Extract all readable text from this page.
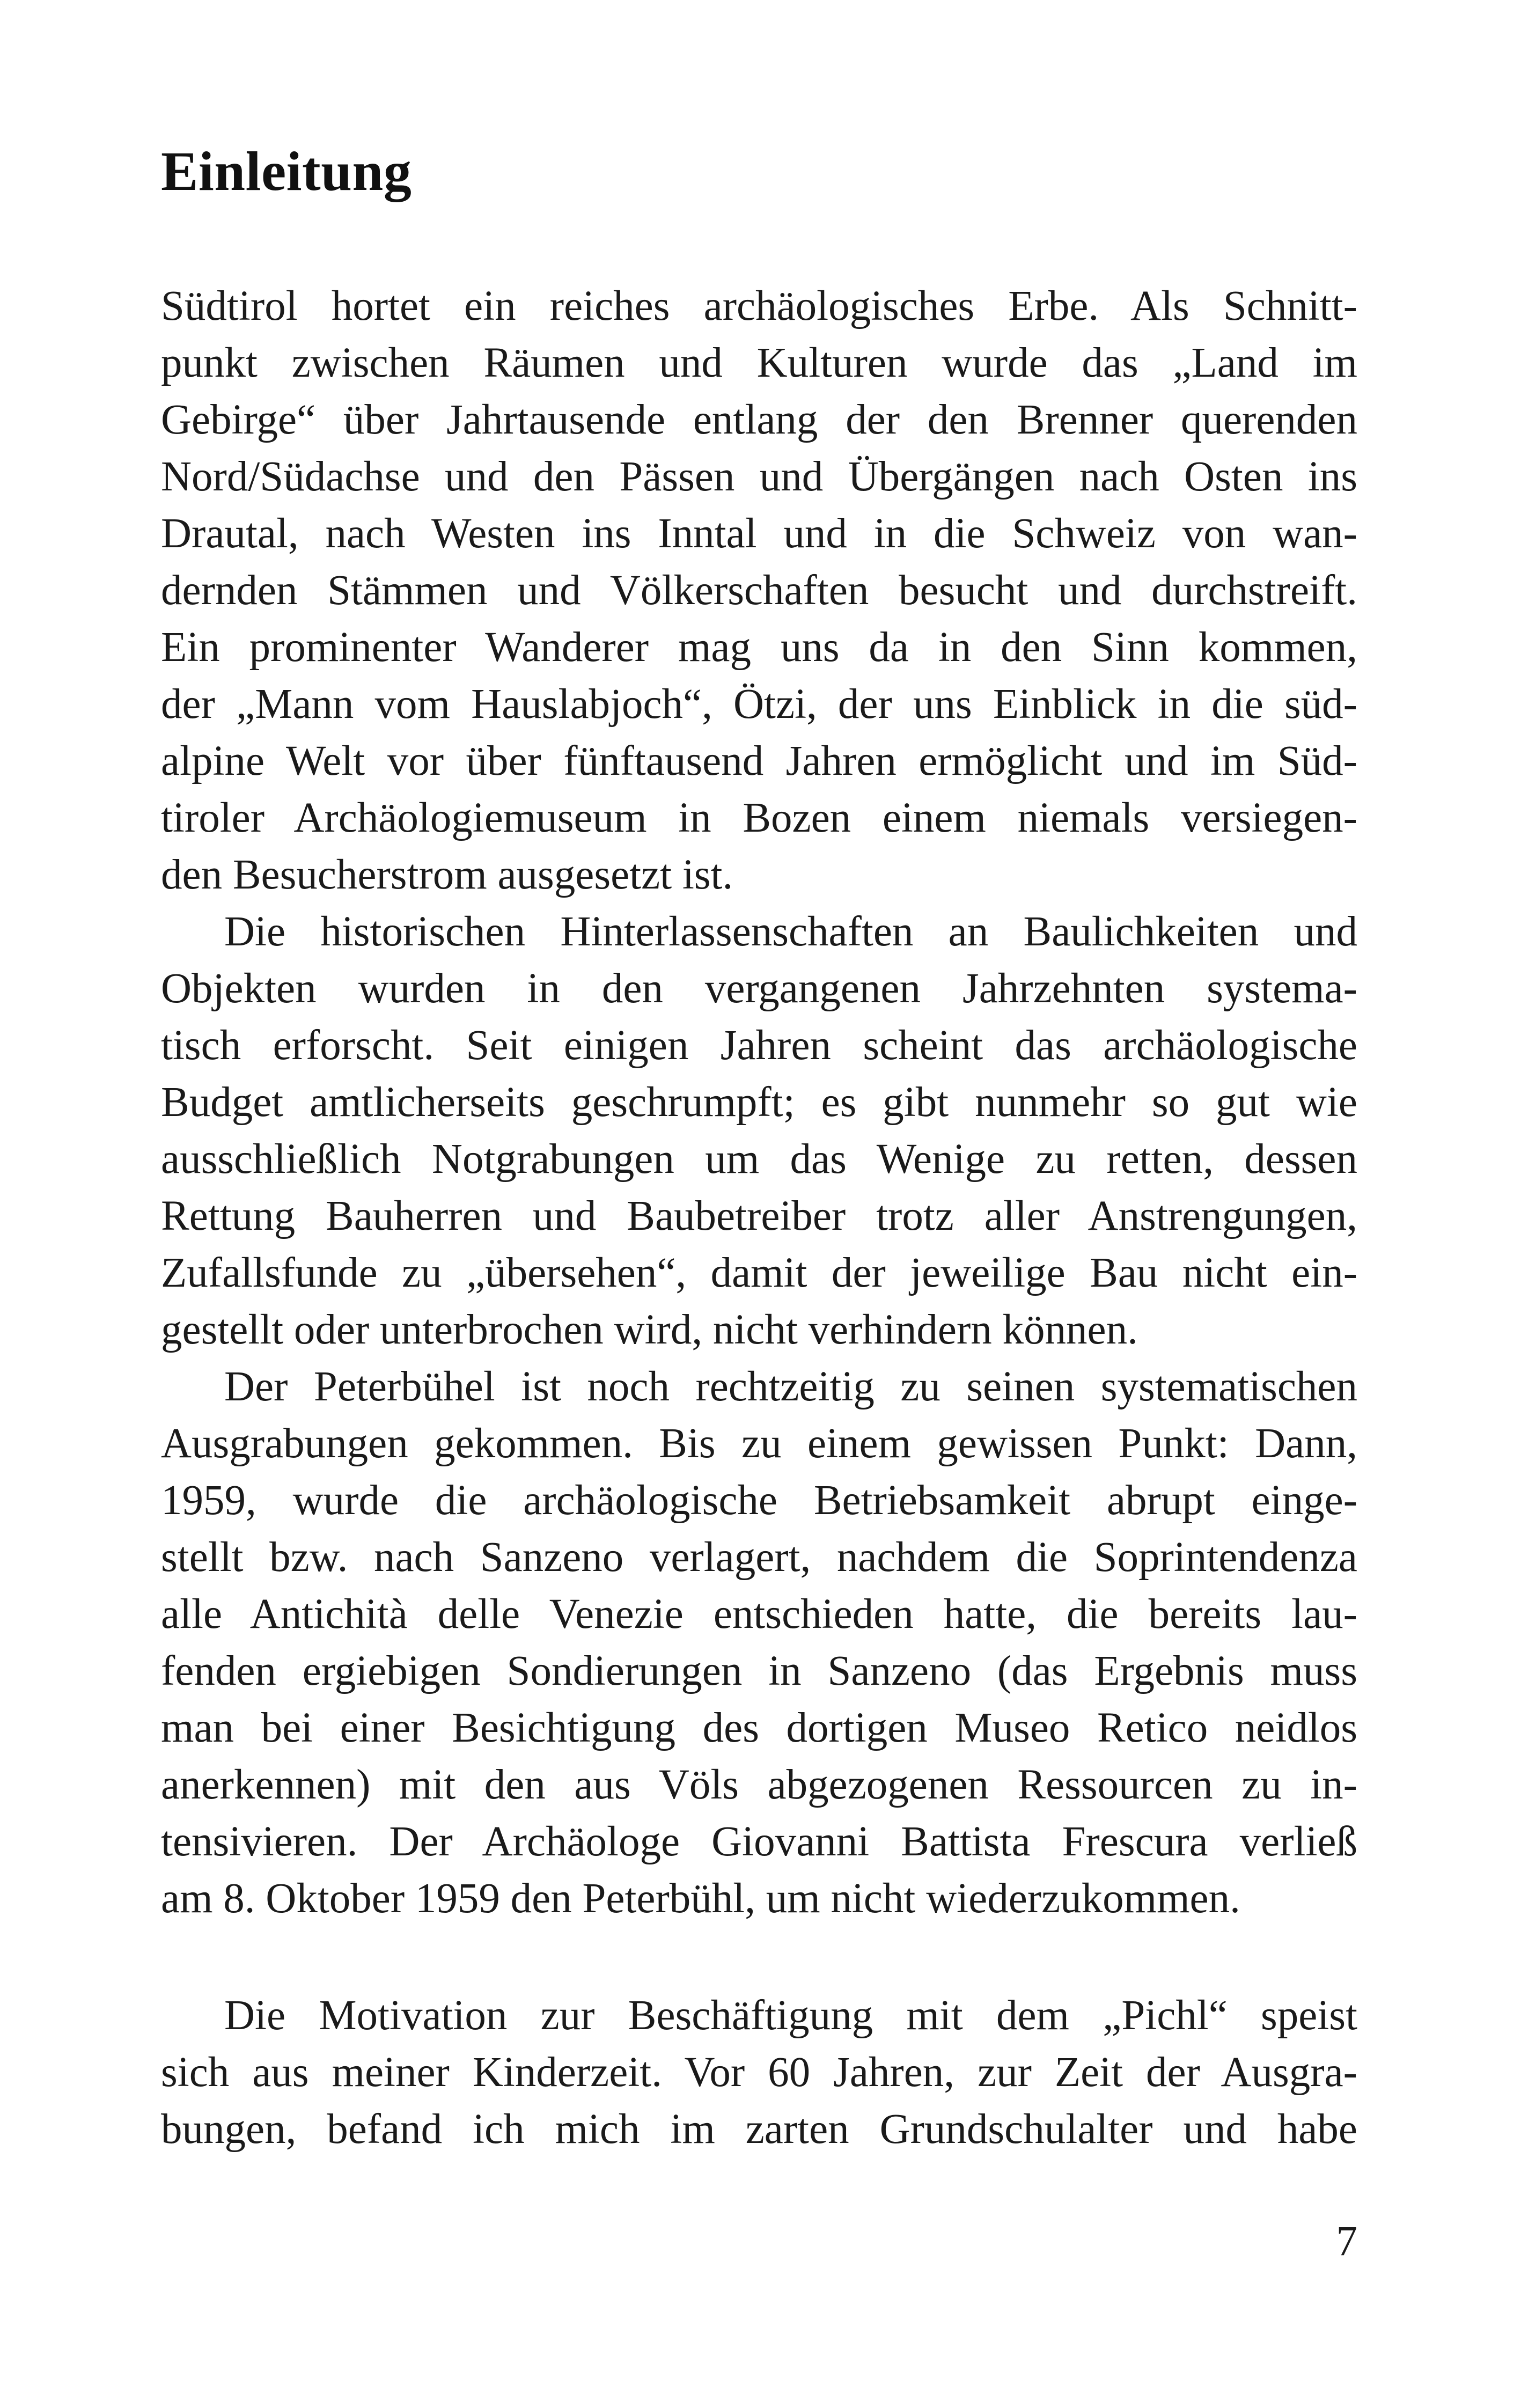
Einleitung
Südtirol hortet ein reiches archäologisches Erbe. Als Schnitt-
punkt zwischen Räumen und Kulturen wurde das „Land im
Gebirge“ über Jahrtausende entlang der den Brenner querenden
Nord/Südachse und den Pässen und Übergängen nach Osten ins
Drautal, nach Westen ins Inntal und in die Schweiz von wan-
dernden Stämmen und Völkerschaften besucht und durchstreift.
Ein prominenter Wanderer mag uns da in den Sinn kommen,
der „Mann vom Hauslabjoch“, Ötzi, der uns Einblick in die süd-
alpine Welt vor über fünftausend Jahren ermöglicht und im Süd-
tiroler Archäologiemuseum in Bozen einem niemals versiegen-
den Besucherstrom ausgesetzt ist.
Die historischen Hinterlassenschaften an Baulichkeiten und
Objekten wurden in den vergangenen Jahrzehnten systema-
tisch erforscht. Seit einigen Jahren scheint das archäologische
Budget amtlicherseits geschrumpft; es gibt nunmehr so gut wie
ausschließlich Notgrabungen um das Wenige zu retten, dessen
Rettung Bauherren und Baubetreiber trotz aller Anstrengungen,
Zufallsfunde zu „übersehen“, damit der jeweilige Bau nicht ein-
gestellt oder unterbrochen wird, nicht verhindern können.
Der Peterbühel ist noch rechtzeitig zu seinen systematischen
Ausgrabungen gekommen. Bis zu einem gewissen Punkt: Dann,
1959, wurde die archäologische Betriebsamkeit abrupt einge-
stellt bzw. nach Sanzeno verlagert, nachdem die Soprintendenza
alle Antichità delle Venezie entschieden hatte, die bereits lau-
fenden ergiebigen Sondierungen in Sanzeno (das Ergebnis muss
man bei einer Besichtigung des dortigen Museo Retico neidlos
anerkennen) mit den aus Völs abgezogenen Ressourcen zu in-
tensivieren. Der Archäologe Giovanni Battista Frescura verließ
am 8. Oktober 1959 den Peterbühl, um nicht wiederzukommen.
Die Motivation zur Beschäftigung mit dem „Pichl“ speist
sich aus meiner Kinderzeit. Vor 60 Jahren, zur Zeit der Ausgra-
bungen, befand ich mich im zarten Grundschulalter und habe
7
